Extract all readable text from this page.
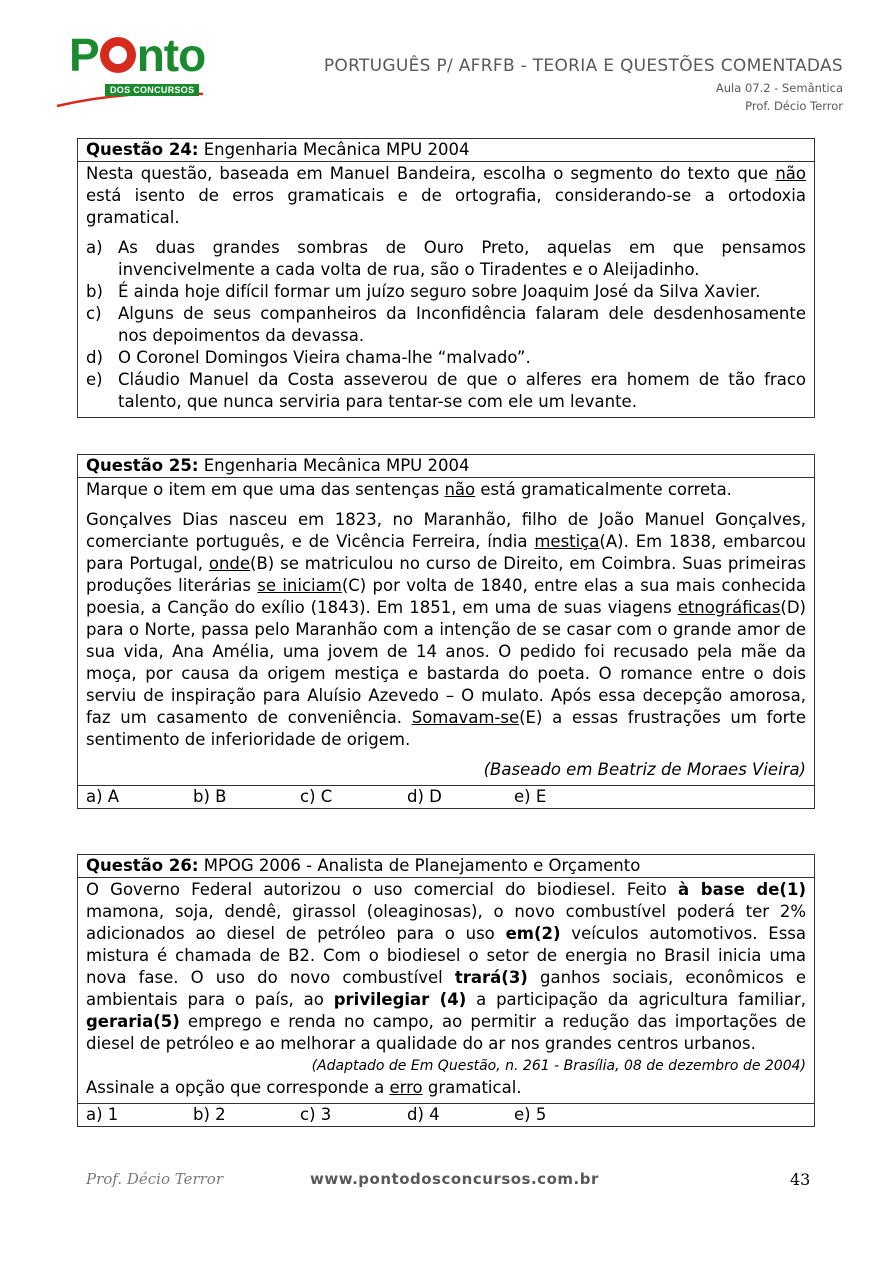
P nto
DOS CONCURSOS
PORTUGUÊS P/ AFRFB - TEORIA E QUESTÕES COMENTADAS
Aula 07.2 - Semântica
Prof. Décio Terror
Questão 24: Engenharia Mecânica MPU 2004

Nesta questão, baseada em Manuel Bandeira, escolha o segmento do texto que não está isento de erros gramaticais e de ortografia, considerando-se a ortodoxia gramatical.

a) As duas grandes sombras de Ouro Preto, aquelas em que pensamos invencivelmente a cada volta de rua, são o Tiradentes e o Aleijadinho.
b) É ainda hoje difícil formar um juízo seguro sobre Joaquim José da Silva Xavier.
c) Alguns de seus companheiros da Inconfidência falaram dele desdenhosamente nos depoimentos da devassa.
d) O Coronel Domingos Vieira chama-lhe “malvado”.
e) Cláudio Manuel da Costa asseverou de que o alferes era homem de tão fraco talento, que nunca serviria para tentar-se com ele um levante.
Questão 25: Engenharia Mecânica MPU 2004

Marque o item em que uma das sentenças não está gramaticalmente correta.

Gonçalves Dias nasceu em 1823, no Maranhão, filho de João Manuel Gonçalves, comerciante português, e de Vicência Ferreira, índia mestiça(A). Em 1838, embarcou para Portugal, onde(B) se matriculou no curso de Direito, em Coimbra. Suas primeiras produções literárias se iniciam(C) por volta de 1840, entre elas a sua mais conhecida poesia, a Canção do exílio (1843). Em 1851, em uma de suas viagens etnográficas(D) para o Norte, passa pelo Maranhão com a intenção de se casar com o grande amor de sua vida, Ana Amélia, uma jovem de 14 anos. O pedido foi recusado pela mãe da moça, por causa da origem mestiça e bastarda do poeta. O romance entre o dois serviu de inspiração para Aluísio Azevedo – O mulato. Após essa decepção amorosa, faz um casamento de conveniência. Somavam-se(E) a essas frustrações um forte sentimento de inferioridade de origem.

(Baseado em Beatriz de Moraes Vieira)

a) A	b) B	c) C	d) D	e) E
Questão 26: MPOG 2006 - Analista de Planejamento e Orçamento

O Governo Federal autorizou o uso comercial do biodiesel. Feito à base de(1) mamona, soja, dendê, girassol (oleaginosas), o novo combustível poderá ter 2% adicionados ao diesel de petróleo para o uso em(2) veículos automotivos. Essa mistura é chamada de B2. Com o biodiesel o setor de energia no Brasil inicia uma nova fase. O uso do novo combustível trará(3) ganhos sociais, econômicos e ambientais para o país, ao privilegiar (4) a participação da agricultura familiar, geraria(5) emprego e renda no campo, ao permitir a redução das importações de diesel de petróleo e ao melhorar a qualidade do ar nos grandes centros urbanos.

(Adaptado de Em Questão, n. 261 - Brasília, 08 de dezembro de 2004)

Assinale a opção que corresponde a erro gramatical.

a) 1	b) 2	c) 3	d) 4	e) 5
Prof. Décio Terror	www.pontodosconcursos.com.br	43
